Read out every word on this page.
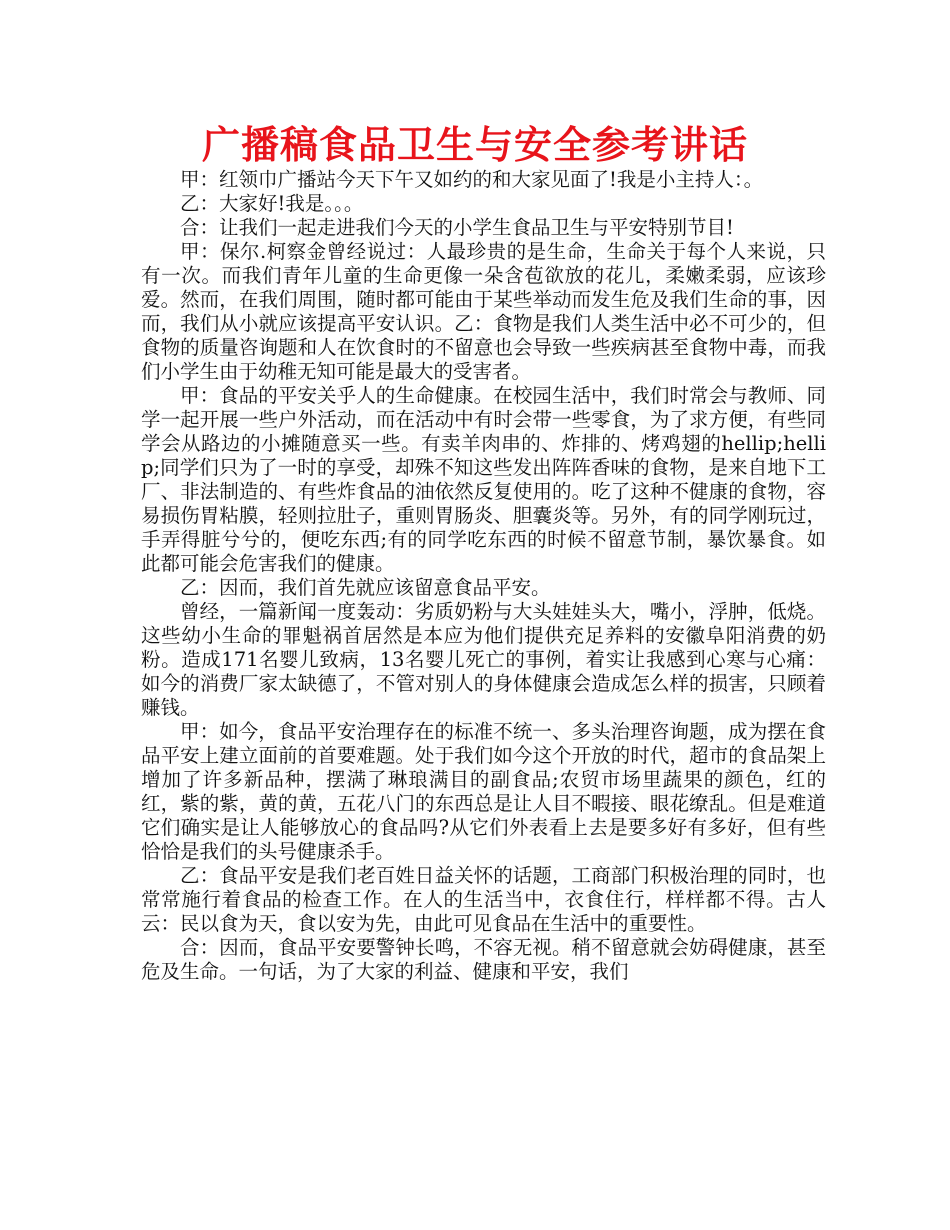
广播稿食品卫生与安全参考讲话

甲：红领巾广播站今天下午又如约的和大家见面了!我是小主持人：。

乙：大家好!我是。。。

合：让我们一起走进我们今天的小学生食品卫生与平安特别节目!

甲：保尔.柯察金曾经说过：人最珍贵的是生命，生命关于每个人来说，只有一次。而我们青年儿童的生命更像一朵含苞欲放的花儿，柔嫩柔弱，应该珍爱。然而，在我们周围，随时都可能由于某些举动而发生危及我们生命的事，因而，我们从小就应该提高平安认识。乙：食物是我们人类生活中必不可少的，但食物的质量咨询题和人在饮食时的不留意也会导致一些疾病甚至食物中毒，而我们小学生由于幼稚无知可能是最大的受害者。

甲：食品的平安关乎人的生命健康。在校园生活中，我们时常会与教师、同学一起开展一些户外活动，而在活动中有时会带一些零食，为了求方便，有些同学会从路边的小摊随意买一些。有卖羊肉串的、炸排的、烤鸡翅的hellip;hellip;同学们只为了一时的享受，却殊不知这些发出阵阵香味的食物，是来自地下工厂、非法制造的、有些炸食品的油依然反复使用的。吃了这种不健康的食物，容易损伤胃粘膜，轻则拉肚子，重则胃肠炎、胆囊炎等。另外，有的同学刚玩过，手弄得脏兮兮的，便吃东西;有的同学吃东西的时候不留意节制，暴饮暴食。如此都可能会危害我们的健康。

乙：因而，我们首先就应该留意食品平安。

曾经，一篇新闻一度轰动：劣质奶粉与大头娃娃头大，嘴小，浮肿，低烧。这些幼小生命的罪魁祸首居然是本应为他们提供充足养料的安徽阜阳消费的奶粉。造成171名婴儿致病，13名婴儿死亡的事例，着实让我感到心寒与心痛：如今的消费厂家太缺德了，不管对别人的身体健康会造成怎么样的损害，只顾着赚钱。

甲：如今，食品平安治理存在的标准不统一、多头治理咨询题，成为摆在食品平安上建立面前的首要难题。处于我们如今这个开放的时代，超市的食品架上增加了许多新品种，摆满了琳琅满目的副食品;农贸市场里蔬果的颜色，红的红，紫的紫，黄的黄，五花八门的东西总是让人目不暇接、眼花缭乱。但是难道它们确实是让人能够放心的食品吗?从它们外表看上去是要多好有多好，但有些恰恰是我们的头号健康杀手。

乙：食品平安是我们老百姓日益关怀的话题，工商部门积极治理的同时，也常常施行着食品的检查工作。在人的生活当中，衣食住行，样样都不得。古人云：民以食为天，食以安为先，由此可见食品在生活中的重要性。

合：因而，食品平安要警钟长鸣，不容无视。稍不留意就会妨碍健康，甚至危及生命。一句话，为了大家的利益、健康和平安，我们
